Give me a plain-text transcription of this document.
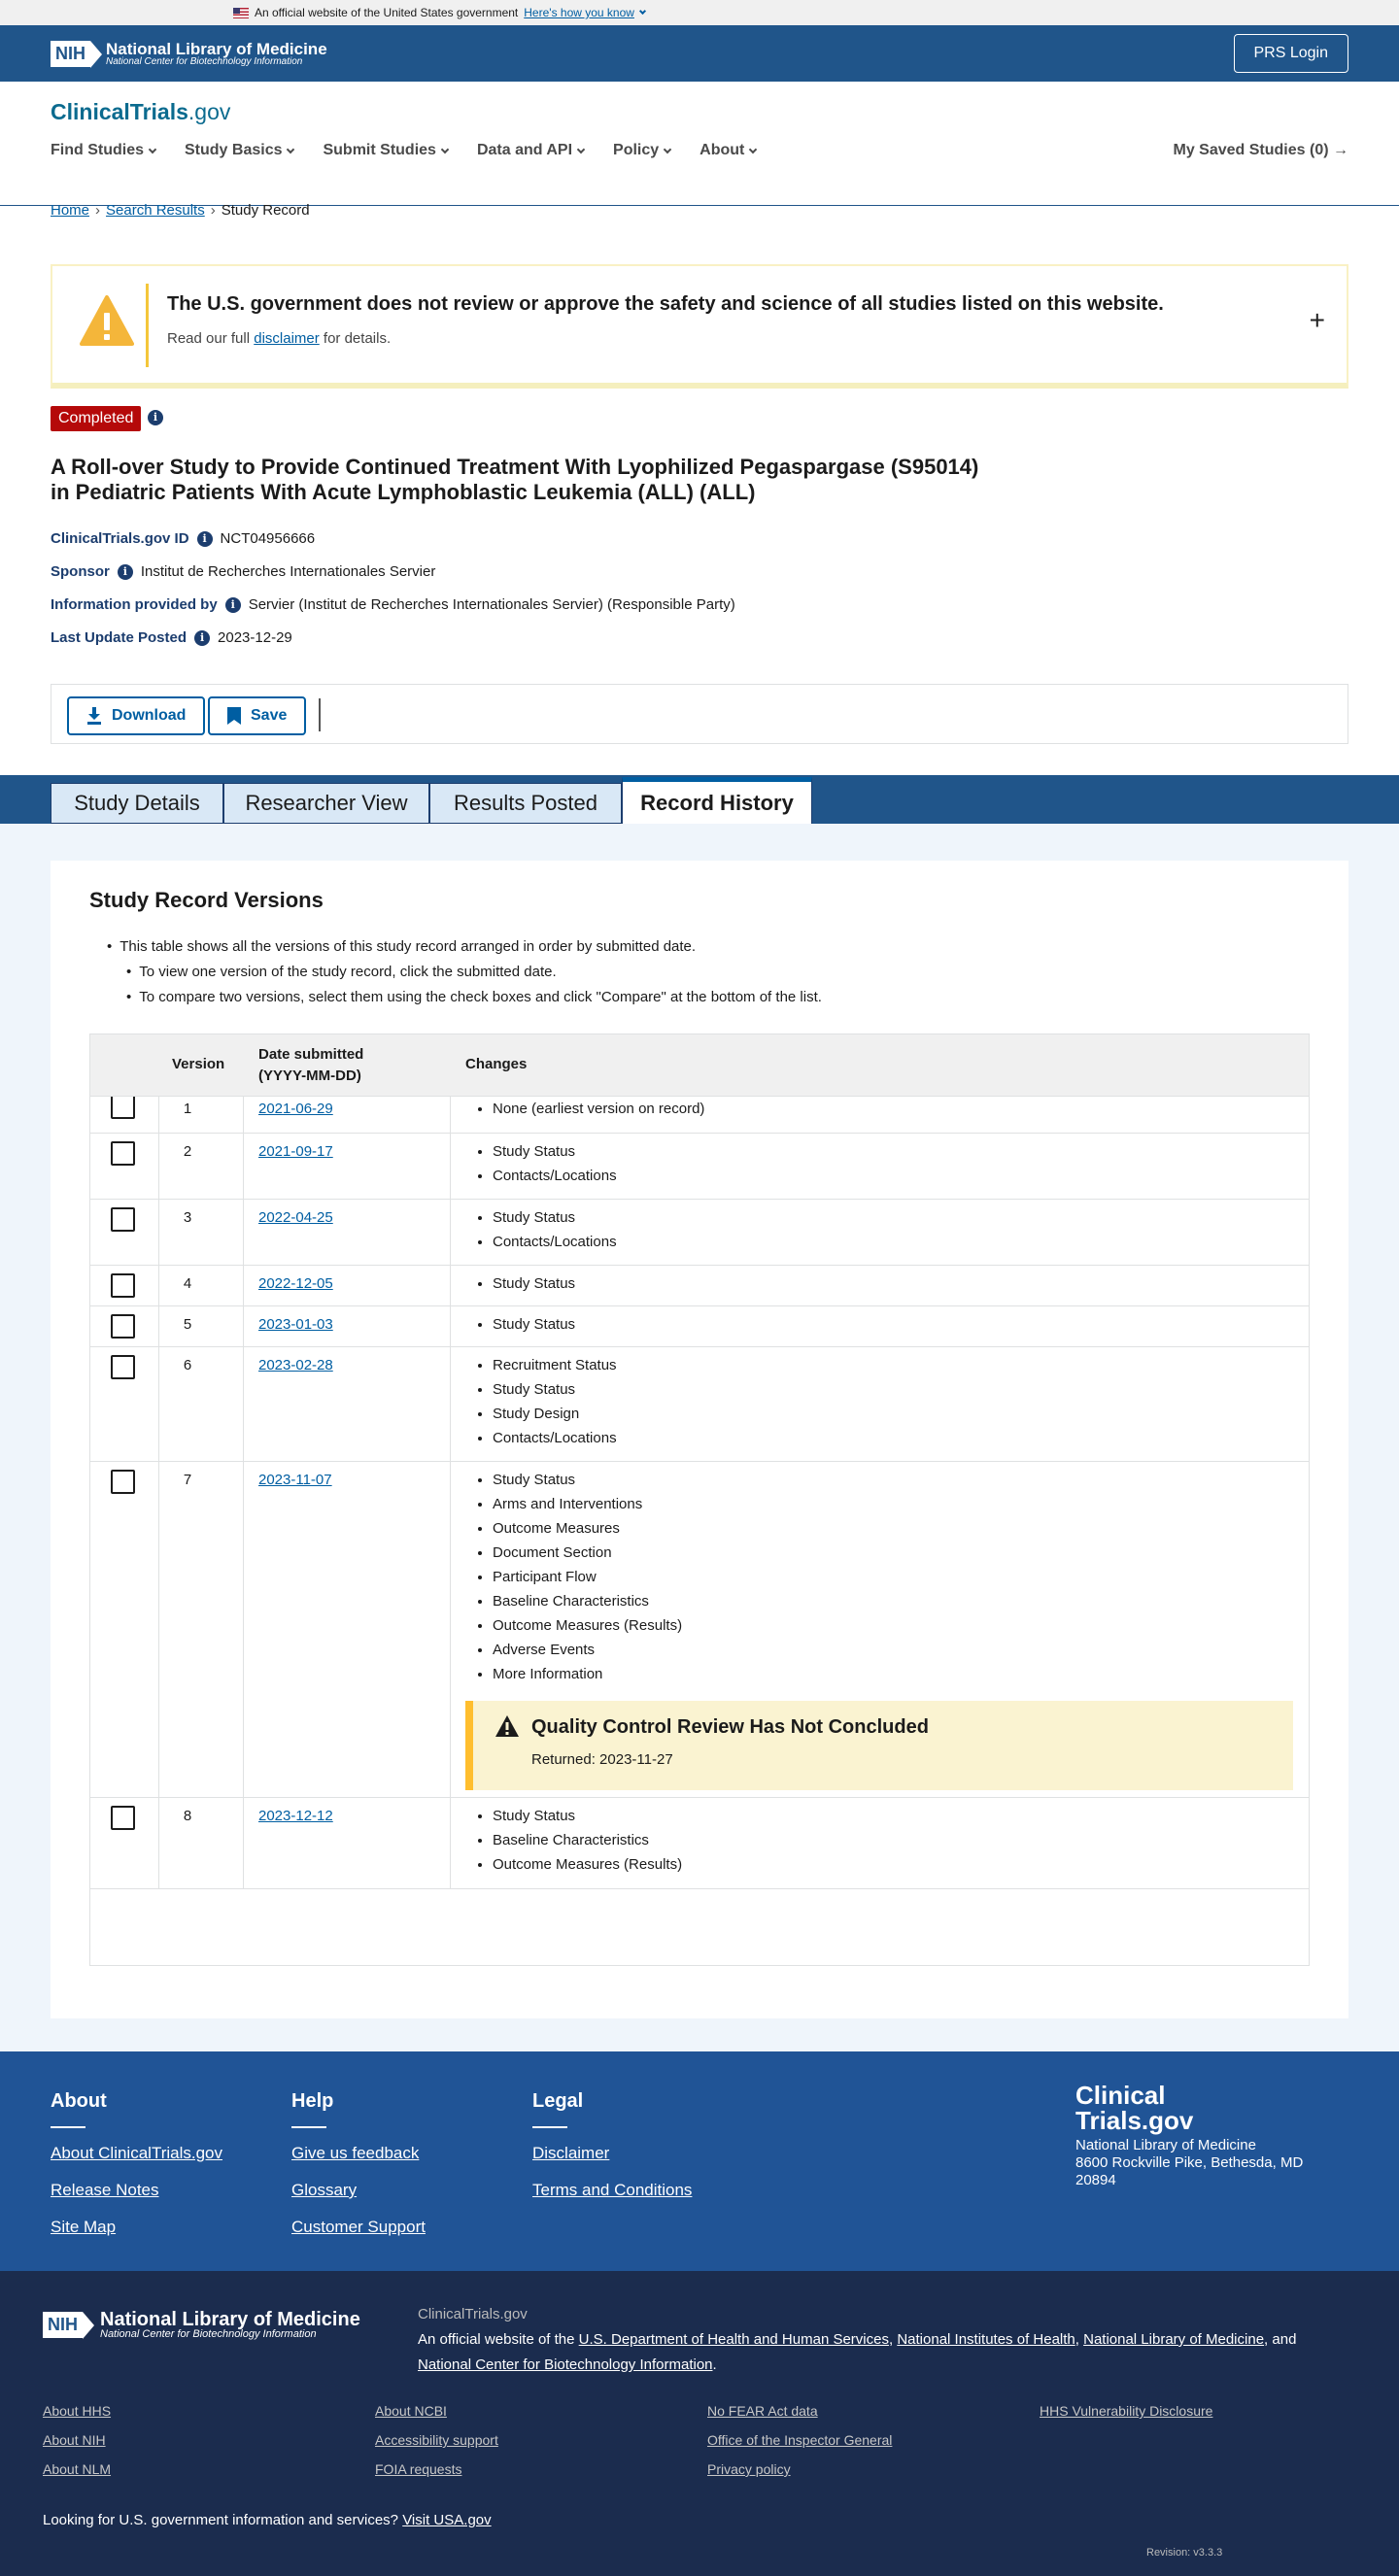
An official website of the United States government Here's how you know
NIH National Library of Medicine
National Center for Biotechnology Information	PRS Login
ClinicalTrials.gov
Find Studies	Study Basics	Submit Studies	Data and API	Policy	About	My Saved Studies (0) →
Home › Search Results › Study Record
The U.S. government does not review or approve the safety and science of all studies listed on this website.
Read our full disclaimer for details.
+
Completed	i
A Roll-over Study to Provide Continued Treatment With Lyophilized Pegaspargase (S95014) in Pediatric Patients With Acute Lymphoblastic Leukemia (ALL) (ALL)
ClinicalTrials.gov ID	i NCT04956666
Sponsor	i Institut de Recherches Internationales Servier
Information provided by	i Servier (Institut de Recherches Internationales Servier) (Responsible Party)
Last Update Posted	i 2023-12-29
Download	Save
Study Details	Researcher View	Results Posted	Record History
Study Record Versions
• This table shows all the versions of this study record arranged in order by submitted date.
• To view one version of the study record, click the submitted date.
• To compare two versions, select them using the check boxes and click "Compare" at the bottom of the list.
Version
Date submitted
(YYYY-MM-DD)
Changes
1	2021-06-29	• None (earliest version on record)
2	2021-09-17	• Study Status
• Contacts/Locations
3	2022-04-25	• Study Status
• Contacts/Locations
4	2022-12-05	• Study Status
5	2023-01-03	• Study Status
6	2023-02-28	• Recruitment Status
• Study Status
• Study Design
• Contacts/Locations
7	2023-11-07	• Study Status
• Arms and Interventions
• Outcome Measures
• Document Section
• Participant Flow
• Baseline Characteristics
• Outcome Measures (Results)
• Adverse Events
• More Information
Quality Control Review Has Not Concluded
Returned: 2023-11-27
8	2023-12-12	• Study Status
• Baseline Characteristics
• Outcome Measures (Results)
About
About ClinicalTrials.gov
Release Notes
Site Map
Help
Give us feedback
Glossary
Customer Support
Legal
Disclaimer
Terms and Conditions
Clinical
Trials.gov
National Library of Medicine
8600 Rockville Pike, Bethesda, MD
20894
NIH National Library of Medicine
National Center for Biotechnology Information
ClinicalTrials.gov
An official website of the U.S. Department of Health and Human Services, National Institutes of Health, National Library of Medicine, and National Center for Biotechnology Information.
About HHS
About NIH
About NLM
About NCBI
Accessibility support
FOIA requests
No FEAR Act data
Office of the Inspector General
Privacy policy
HHS Vulnerability Disclosure
Looking for U.S. government information and services? Visit USA.gov
Revision: v3.3.3
